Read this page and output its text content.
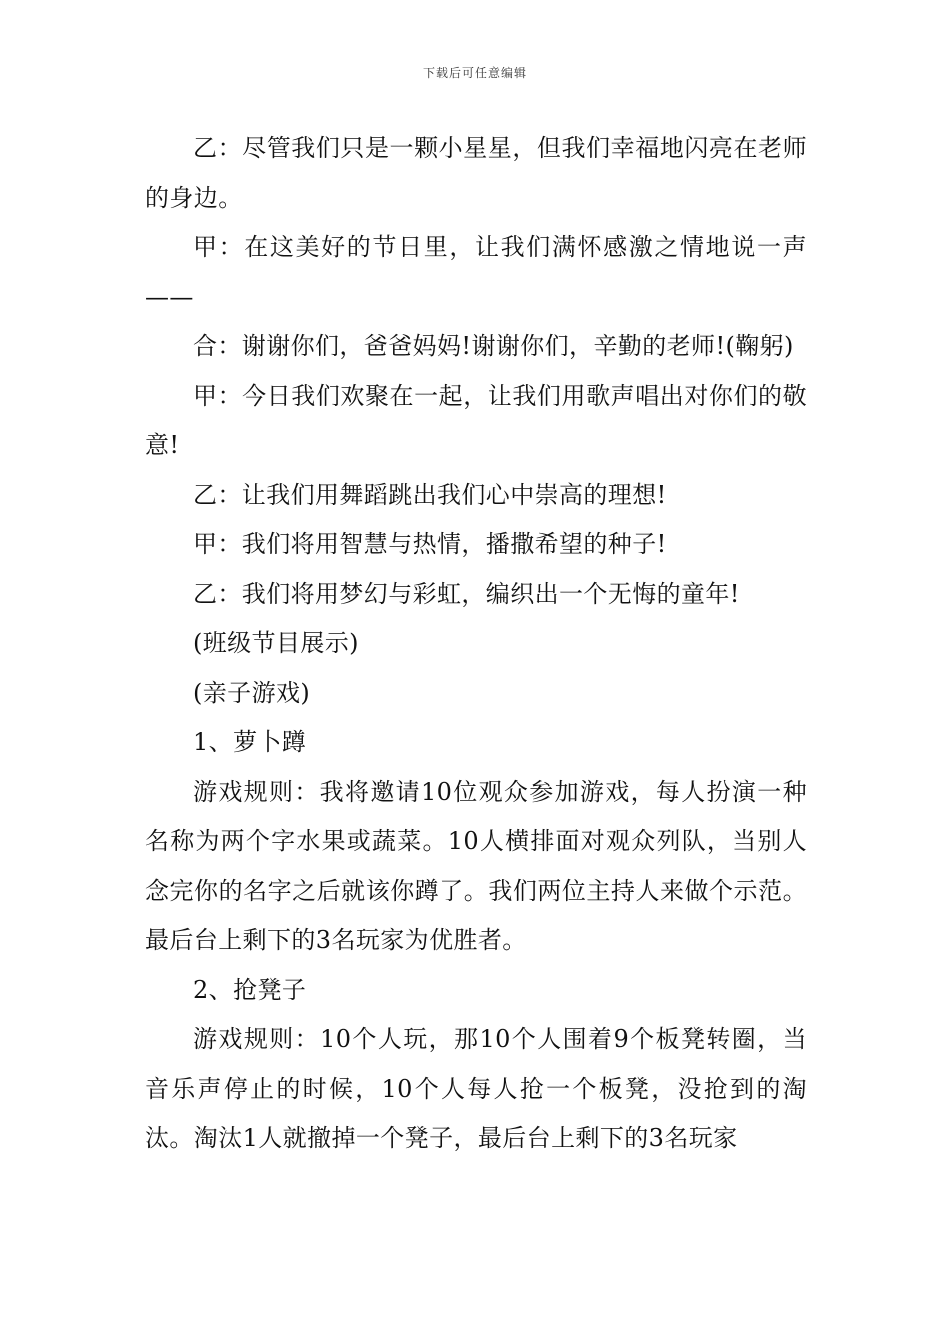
下载后可任意编辑

乙：尽管我们只是一颗小星星，但我们幸福地闪亮在老师的身边。

甲：在这美好的节日里，让我们满怀感激之情地说一声——

合：谢谢你们，爸爸妈妈!谢谢你们，辛勤的老师!(鞠躬)

甲：今日我们欢聚在一起，让我们用歌声唱出对你们的敬意!

乙：让我们用舞蹈跳出我们心中崇高的理想!

甲：我们将用智慧与热情，播撒希望的种子!

乙：我们将用梦幻与彩虹，编织出一个无悔的童年!

(班级节目展示)

(亲子游戏)

1、萝卜蹲

游戏规则：我将邀请10位观众参加游戏，每人扮演一种名称为两个字水果或蔬菜。10人横排面对观众列队，当别人念完你的名字之后就该你蹲了。我们两位主持人来做个示范。最后台上剩下的3名玩家为优胜者。

2、抢凳子

游戏规则：10个人玩，那10个人围着9个板凳转圈，当音乐声停止的时候，10个人每人抢一个板凳，没抢到的淘汰。淘汰1人就撤掉一个凳子，最后台上剩下的3名玩家
